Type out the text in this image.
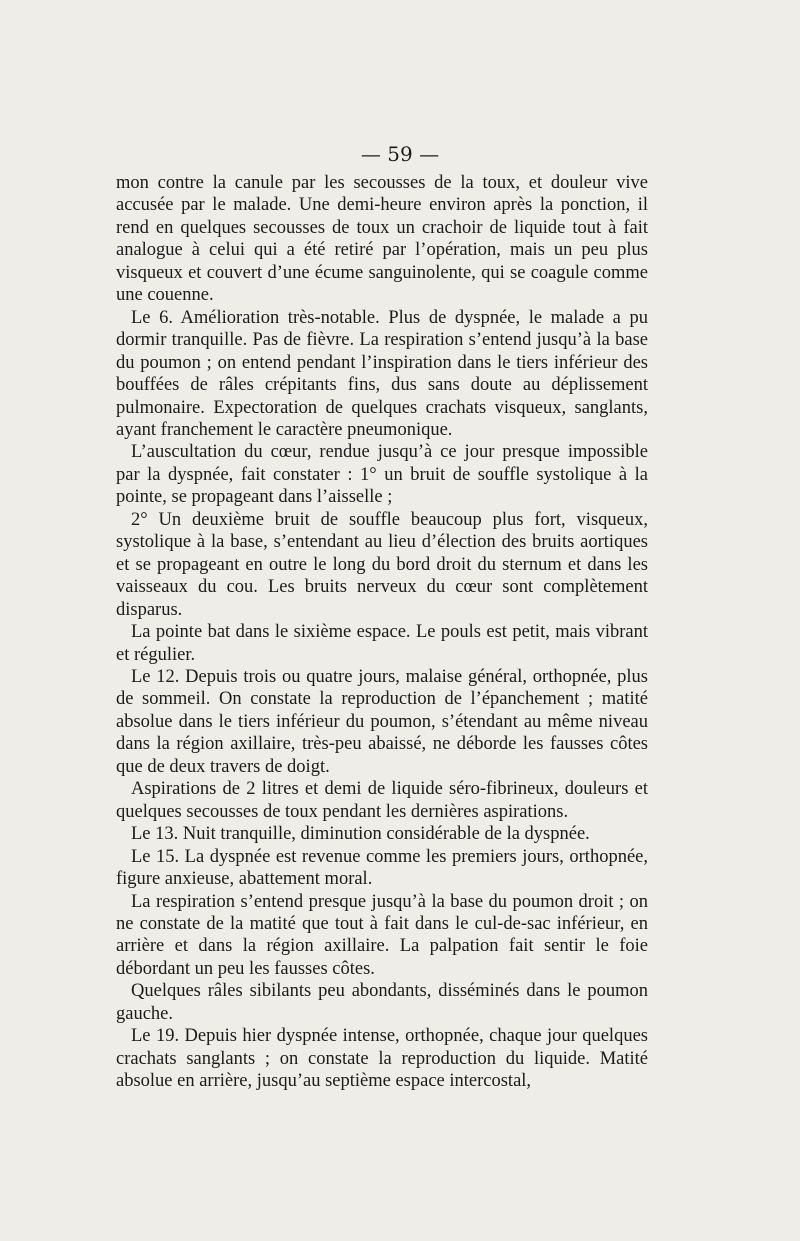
— 59 —

mon contre la canule par les secousses de la toux, et douleur vive accusée par le malade. Une demi-heure environ après la ponction, il rend en quelques secousses de toux un crachoir de liquide tout à fait analogue à celui qui a été retiré par l’opération, mais un peu plus visqueux et couvert d’une écume sanguinolente, qui se coagule comme une couenne.

Le 6. Amélioration très-notable. Plus de dyspnée, le malade a pu dormir tranquille. Pas de fièvre. La respiration s’entend jusqu’à la base du poumon ; on entend pendant l’inspiration dans le tiers inférieur des bouffées de râles crépitants fins, dus sans doute au déplissement pulmonaire. Expectoration de quelques crachats visqueux, sanglants, ayant franchement le caractère pneumonique.

L’auscultation du cœur, rendue jusqu’à ce jour presque impossible par la dyspnée, fait constater : 1° un bruit de souffle systolique à la pointe, se propageant dans l’aisselle ;

2° Un deuxième bruit de souffle beaucoup plus fort, visqueux, systolique à la base, s’entendant au lieu d’élection des bruits aortiques et se propageant en outre le long du bord droit du sternum et dans les vaisseaux du cou. Les bruits nerveux du cœur sont complètement disparus.

La pointe bat dans le sixième espace. Le pouls est petit, mais vibrant et régulier.

Le 12. Depuis trois ou quatre jours, malaise général, orthopnée, plus de sommeil. On constate la reproduction de l’épanchement ; matité absolue dans le tiers inférieur du poumon, s’étendant au même niveau dans la région axillaire, très-peu abaissé, ne déborde les fausses côtes que de deux travers de doigt.

Aspirations de 2 litres et demi de liquide séro-fibrineux, douleurs et quelques secousses de toux pendant les dernières aspirations.

Le 13. Nuit tranquille, diminution considérable de la dyspnée.

Le 15. La dyspnée est revenue comme les premiers jours, orthopnée, figure anxieuse, abattement moral.

La respiration s’entend presque jusqu’à la base du poumon droit ; on ne constate de la matité que tout à fait dans le cul-de-sac inférieur, en arrière et dans la région axillaire. La palpation fait sentir le foie débordant un peu les fausses côtes.

Quelques râles sibilants peu abondants, disséminés dans le poumon gauche.

Le 19. Depuis hier dyspnée intense, orthopnée, chaque jour quelques crachats sanglants ; on constate la reproduction du liquide. Matité absolue en arrière, jusqu’au septième espace intercostal,
